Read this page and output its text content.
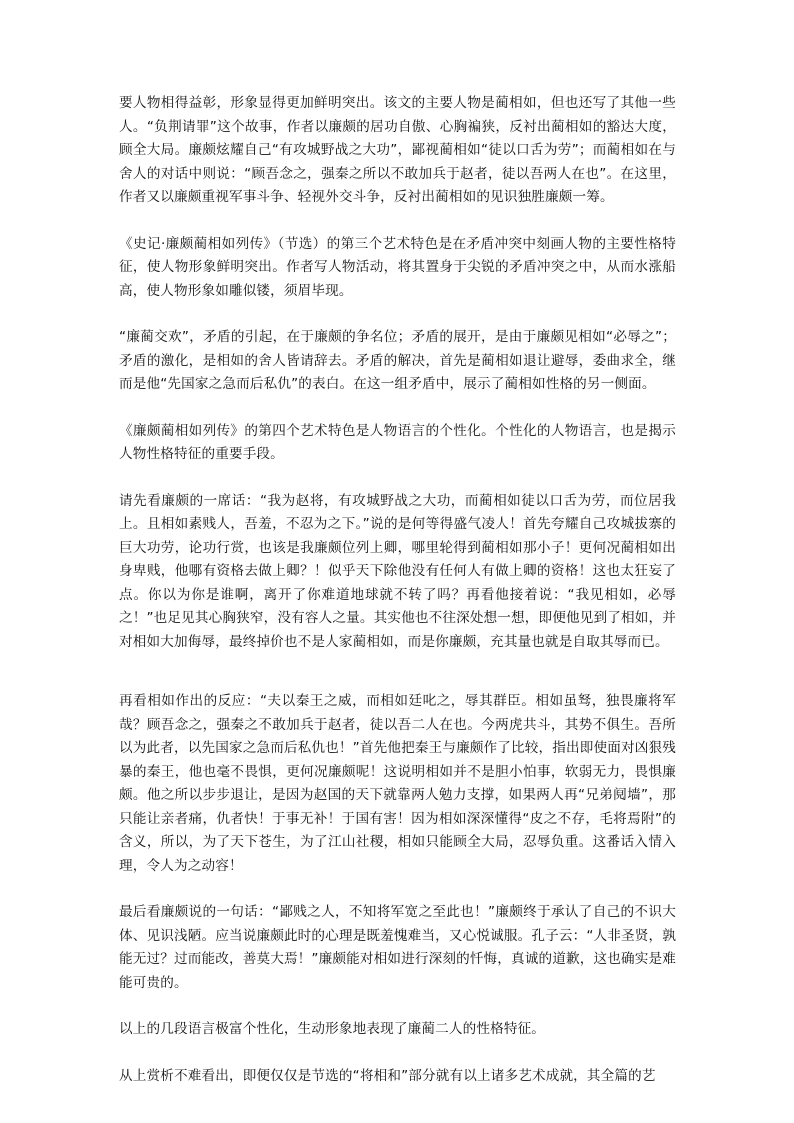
要人物相得益彰，形象显得更加鲜明突出。该文的主要人物是蔺相如，但也还写了其他一些人。“负荆请罪”这个故事，作者以廉颇的居功自傲、心胸褊狭，反衬出蔺相如的豁达大度，顾全大局。廉颇炫耀自己“有攻城野战之大功”，鄙视蔺相如“徒以口舌为劳”；而蔺相如在与舍人的对话中则说：“顾吾念之，强秦之所以不敢加兵于赵者，徒以吾两人在也”。在这里，作者又以廉颇重视军事斗争、轻视外交斗争，反衬出蔺相如的见识独胜廉颇一筹。

《史记·廉颇蔺相如列传》（节选）的第三个艺术特色是在矛盾冲突中刻画人物的主要性格特征，使人物形象鲜明突出。作者写人物活动，将其置身于尖锐的矛盾冲突之中，从而水涨船高，使人物形象如雕似镂，须眉毕现。

“廉蔺交欢”，矛盾的引起，在于廉颇的争名位；矛盾的展开，是由于廉颇见相如“必辱之”；矛盾的激化，是相如的舍人皆请辞去。矛盾的解决，首先是蔺相如退让避辱，委曲求全，继而是他“先国家之急而后私仇”的表白。在这一组矛盾中，展示了蔺相如性格的另一侧面。

《廉颇蔺相如列传》的第四个艺术特色是人物语言的个性化。个性化的人物语言，也是揭示人物性格特征的重要手段。

请先看廉颇的一席话：“我为赵将，有攻城野战之大功，而蔺相如徒以口舌为劳，而位居我上。且相如素贱人，吾羞，不忍为之下。”说的是何等得盛气凌人！首先夸耀自己攻城拔寨的巨大功劳，论功行赏，也该是我廉颇位列上卿，哪里轮得到蔺相如那小子！更何况蔺相如出身卑贱，他哪有资格去做上卿？！似乎天下除他没有任何人有做上卿的资格！这也太狂妄了点。你以为你是谁啊，离开了你难道地球就不转了吗？再看他接着说：“我见相如，必辱之！”也足见其心胸狭窄，没有容人之量。其实他也不往深处想一想，即便他见到了相如，并对相如大加侮辱，最终掉价也不是人家蔺相如，而是你廉颇，充其量也就是自取其辱而已。

再看相如作出的反应：“夫以秦王之威，而相如廷叱之，辱其群臣。相如虽驽，独畏廉将军哉？顾吾念之，强秦之不敢加兵于赵者，徒以吾二人在也。今两虎共斗，其势不俱生。吾所以为此者，以先国家之急而后私仇也！”首先他把秦王与廉颇作了比较，指出即使面对凶狠残暴的秦王，他也毫不畏惧，更何况廉颇呢！这说明相如并不是胆小怕事，软弱无力，畏惧廉颇。他之所以步步退让，是因为赵国的天下就靠两人勉力支撑，如果两人再“兄弟阋墙”，那只能让亲者痛，仇者快！于事无补！于国有害！因为相如深深懂得“皮之不存，毛将焉附”的含义，所以，为了天下苍生，为了江山社稷，相如只能顾全大局，忍辱负重。这番话入情入理，令人为之动容！

最后看廉颇说的一句话：“鄙贱之人，不知将军宽之至此也！”廉颇终于承认了自己的不识大体、见识浅陋。应当说廉颇此时的心理是既羞愧难当，又心悦诚服。孔子云：“人非圣贤，孰能无过？过而能改，善莫大焉！”廉颇能对相如进行深刻的忏悔，真诚的道歉，这也确实是难能可贵的。

以上的几段语言极富个性化，生动形象地表现了廉蔺二人的性格特征。

从上赏析不难看出，即便仅仅是节选的“将相和”部分就有以上诸多艺术成就，其全篇的艺
